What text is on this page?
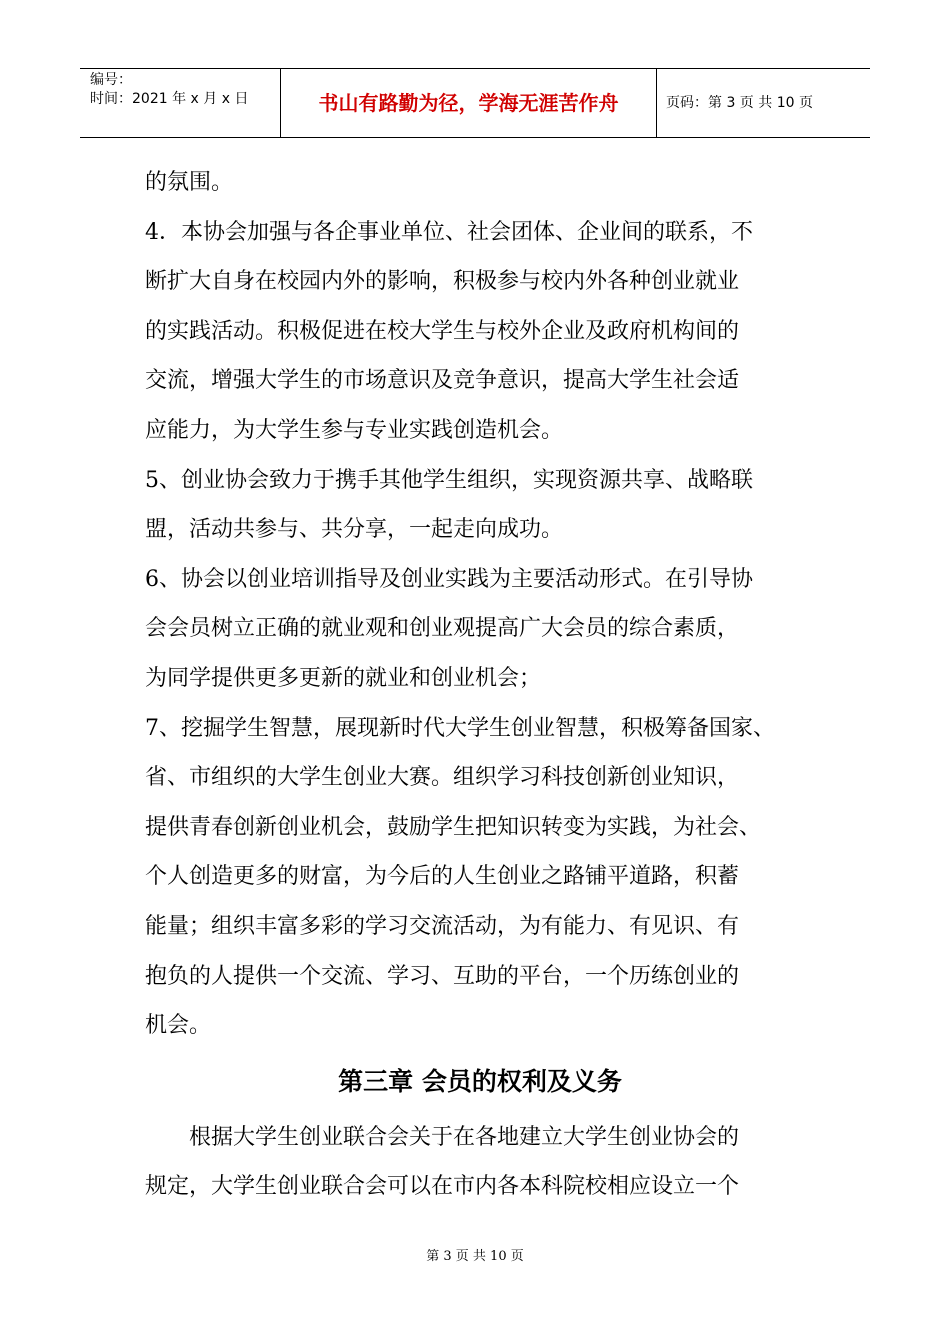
编号：
时间：2021 年 x 月 x 日	书山有路勤为径，学海无涯苦作舟	页码：第 3 页 共 10 页
的氛围。
4．本协会加强与各企事业单位、社会团体、企业间的联系，不
断扩大自身在校园内外的影响，积极参与校内外各种创业就业
的实践活动。积极促进在校大学生与校外企业及政府机构间的
交流，增强大学生的市场意识及竞争意识，提高大学生社会适
应能力，为大学生参与专业实践创造机会。
5、创业协会致力于携手其他学生组织，实现资源共享、战略联
盟，活动共参与、共分享，一起走向成功。
6、协会以创业培训指导及创业实践为主要活动形式。在引导协
会会员树立正确的就业观和创业观提高广大会员的综合素质，
为同学提供更多更新的就业和创业机会；
7、挖掘学生智慧，展现新时代大学生创业智慧，积极筹备国家、
省、市组织的大学生创业大赛。组织学习科技创新创业知识，
提供青春创新创业机会，鼓励学生把知识转变为实践，为社会、
个人创造更多的财富，为今后的人生创业之路铺平道路，积蓄
能量；组织丰富多彩的学习交流活动，为有能力、有见识、有
抱负的人提供一个交流、学习、互助的平台，一个历练创业的
机会。
第三章 会员的权利及义务
根据大学生创业联合会关于在各地建立大学生创业协会的
规定，大学生创业联合会可以在市内各本科院校相应设立一个
第 3 页 共 10 页
